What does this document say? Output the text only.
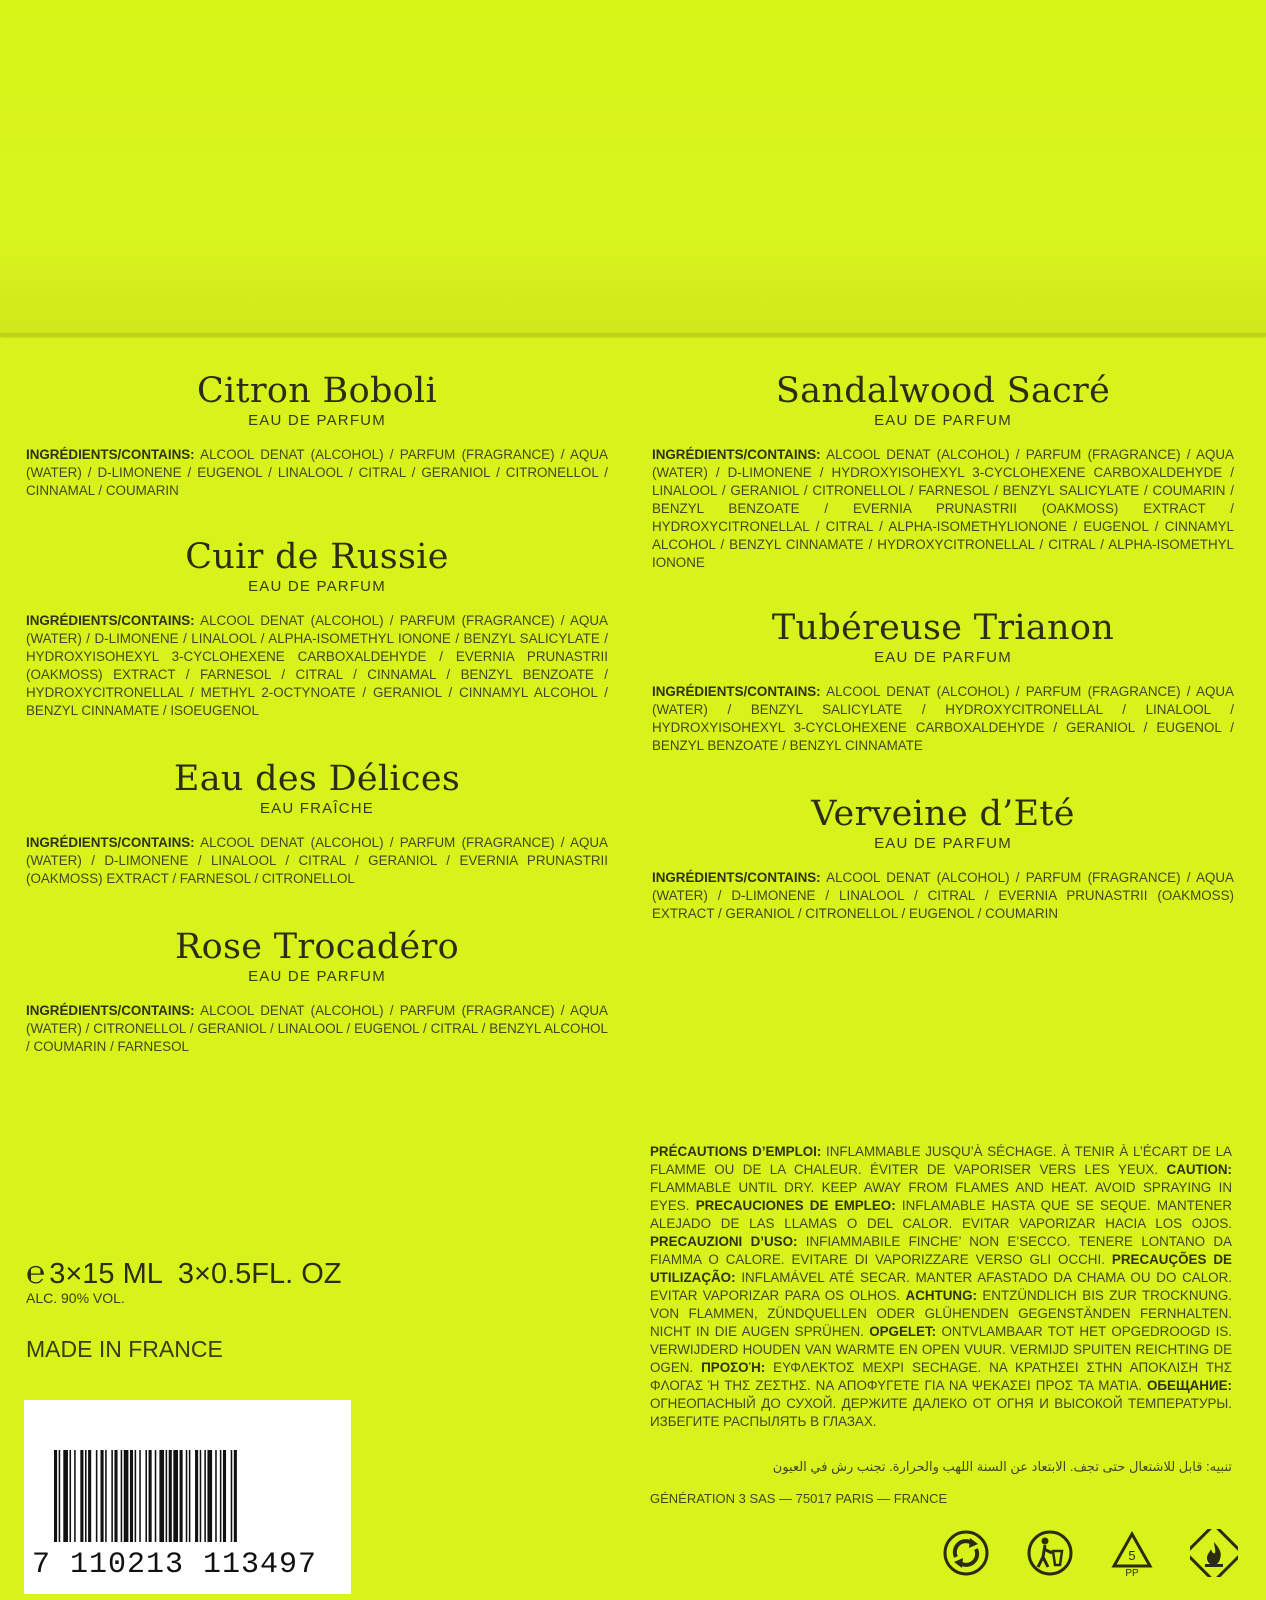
Citron Boboli
EAU DE PARFUM

INGRÉDIENTS/CONTAINS: ALCOOL DENAT (ALCOHOL) / PARFUM (FRAGRANCE) / AQUA (WATER) / D-LIMONENE / EUGENOL / LINALOOL / CITRAL / GERANIOL / CITRONELLOL / CINNAMAL / COUMARIN

Cuir de Russie
EAU DE PARFUM

INGRÉDIENTS/CONTAINS: ALCOOL DENAT (ALCOHOL) / PARFUM (FRAGRANCE) / AQUA (WATER) / D-LIMONENE / LINALOOL / ALPHA-ISOMETHYL IONONE / BENZYL SALICYLATE / HYDROXYISOHEXYL 3-CYCLOHEXENE CARBOXALDEHYDE / EVERNIA PRUNASTRII (OAKMOSS) EXTRACT / FARNESOL / CITRAL / CINNAMAL / BENZYL BENZOATE / HYDROXYCITRONELLAL / METHYL 2-OCTYNOATE / GERANIOL / CINNAMYL ALCOHOL / BENZYL CINNAMATE / ISOEUGENOL

Eau des Délices
EAU FRAÎCHE

INGRÉDIENTS/CONTAINS: ALCOOL DENAT (ALCOHOL) / PARFUM (FRAGRANCE) / AQUA (WATER) / D-LIMONENE / LINALOOL / CITRAL / GERANIOL / EVERNIA PRUNASTRII (OAKMOSS) EXTRACT / FARNESOL / CITRONELLOL

Rose Trocadéro
EAU DE PARFUM

INGRÉDIENTS/CONTAINS: ALCOOL DENAT (ALCOHOL) / PARFUM (FRAGRANCE) / AQUA (WATER) / CITRONELLOL / GERANIOL / LINALOOL / EUGENOL / CITRAL / BENZYL ALCOHOL / COUMARIN / FARNESOL

Sandalwood Sacré
EAU DE PARFUM

INGRÉDIENTS/CONTAINS: ALCOOL DENAT (ALCOHOL) / PARFUM (FRAGRANCE) / AQUA (WATER) / D-LIMONENE / HYDROXYISOHEXYL 3-CYCLOHEXENE CARBOXALDEHYDE / LINALOOL / GERANIOL / CITRONELLOL / FARNESOL / BENZYL SALICYLATE / COUMARIN / BENZYL BENZOATE / EVERNIA PRUNASTRII (OAKMOSS) EXTRACT / HYDROXYCITRONELLAL / CITRAL / ALPHA-ISOMETHYLIONONE / EUGENOL / CINNAMYL ALCOHOL / BENZYL CINNAMATE / HYDROXYCITRONELLAL / CITRAL / ALPHA-ISOMETHYL IONONE

Tubéreuse Trianon
EAU DE PARFUM

INGRÉDIENTS/CONTAINS: ALCOOL DENAT (ALCOHOL) / PARFUM (FRAGRANCE) / AQUA (WATER) / BENZYL SALICYLATE / HYDROXYCITRONELLAL / LINALOOL / HYDROXYISOHEXYL 3-CYCLOHEXENE CARBOXALDEHYDE / GERANIOL / EUGENOL / BENZYL BENZOATE / BENZYL CINNAMATE

Verveine d’Eté
EAU DE PARFUM

INGRÉDIENTS/CONTAINS: ALCOOL DENAT (ALCOHOL) / PARFUM (FRAGRANCE) / AQUA (WATER) / D-LIMONENE / LINALOOL / CITRAL / EVERNIA PRUNASTRII (OAKMOSS) EXTRACT / GERANIOL / CITRONELLOL / EUGENOL / COUMARIN

℮ 3×15 ML  3×0.5FL. OZ
ALC. 90% VOL.
MADE IN FRANCE
7 110213 113497
PRÉCAUTIONS D’EMPLOI: INFLAMMABLE JUSQU’À SÉCHAGE. À TENIR À L’ÉCART DE LA FLAMME OU DE LA CHALEUR. ÉVITER DE VAPORISER VERS LES YEUX. CAUTION: FLAMMABLE UNTIL DRY. KEEP AWAY FROM FLAMES AND HEAT. AVOID SPRAYING IN EYES. PRECAUCIONES DE EMPLEO: INFLAMABLE HASTA QUE SE SEQUE. MANTENER ALEJADO DE LAS LLAMAS O DEL CALOR. EVITAR VAPORIZAR HACIA LOS OJOS. PRECAUZIONI D’USO: INFIAMMABILE FINCHE’ NON E’SECCO. TENERE LONTANO DA FIAMMA O CALORE. EVITARE DI VAPORIZZARE VERSO GLI OCCHI. PRECAUÇÕES DE UTILIZAÇÃO: INFLAMÁVEL ATÉ SECAR. MANTER AFASTADO DA CHAMA OU DO CALOR. EVITAR VAPORIZAR PARA OS OLHOS. ACHTUNG: ENTZÜNDLICH BIS ZUR TROCKNUNG. VON FLAMMEN, ZÜNDQUELLEN ODER GLÜHENDEN GEGENSTÄNDEN FERNHALTEN. NICHT IN DIE AUGEN SPRÜHEN. OPGELET: ONTVLAMBAAR TOT HET OPGEDROOGD IS. VERWIJDERD HOUDEN VAN WARMTE EN OPEN VUUR. VERMIJD SPUITEN REICHTING DE OGEN. ΠΡΟΣΟΉ: ΕΥΦΛΕΚΤΟΣ ΜΕΧΡΙ SECHAGE. ΝΑ ΚΡΑΤΗΣΕΙ ΣΤΗΝ ΑΠΟΚΛΙΣΗ ΤΗΣ ΦΛΟΓΑΣ Ή ΤΗΣ ΖΕΣΤΗΣ. ΝΑ ΑΠΟΦΥΓΕΤΕ ΓΙΑ ΝΑ ΨΕΚΑΣΕΙ ΠΡΟΣ ΤΑ ΜΑΤΙΑ. ОБЕЩАНИЕ: ОГНЕОПАСНЫЙ ДО СУХОЙ. ДЕРЖИТЕ ДАЛЕКО ОТ ОГНЯ И ВЫСОКОЙ ТЕМПЕРАТУРЫ. ИЗБЕГИТЕ РАСПЫЛЯТЬ В ГЛАЗАХ.
تنبيه: قابل للاشتعال حتى تجف. الابتعاد عن السنة اللهب والحرارة. تجنب رش في العيون
GÉNÉRATION 3 SAS — 75017 PARIS — FRANCE
5
PP
